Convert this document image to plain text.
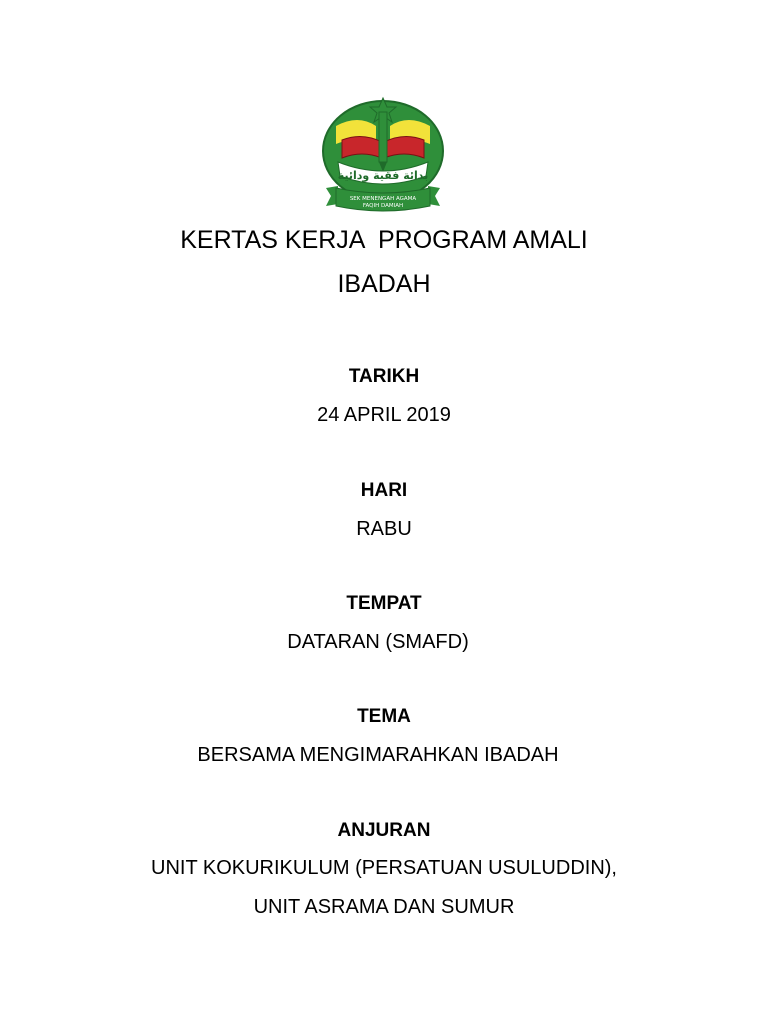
بدائة فقية ودائية
SEK MENENGAH AGAMA
FAQIH DAMIAH
KERTAS KERJA  PROGRAM AMALI
IBADAH
TARIKH
24 APRIL 2019
HARI
RABU
TEMPAT
DATARAN (SMAFD)
TEMA
BERSAMA MENGIMARAHKAN IBADAH
ANJURAN
UNIT KOKURIKULUM (PERSATUAN USULUDDIN),
UNIT ASRAMA DAN SUMUR
